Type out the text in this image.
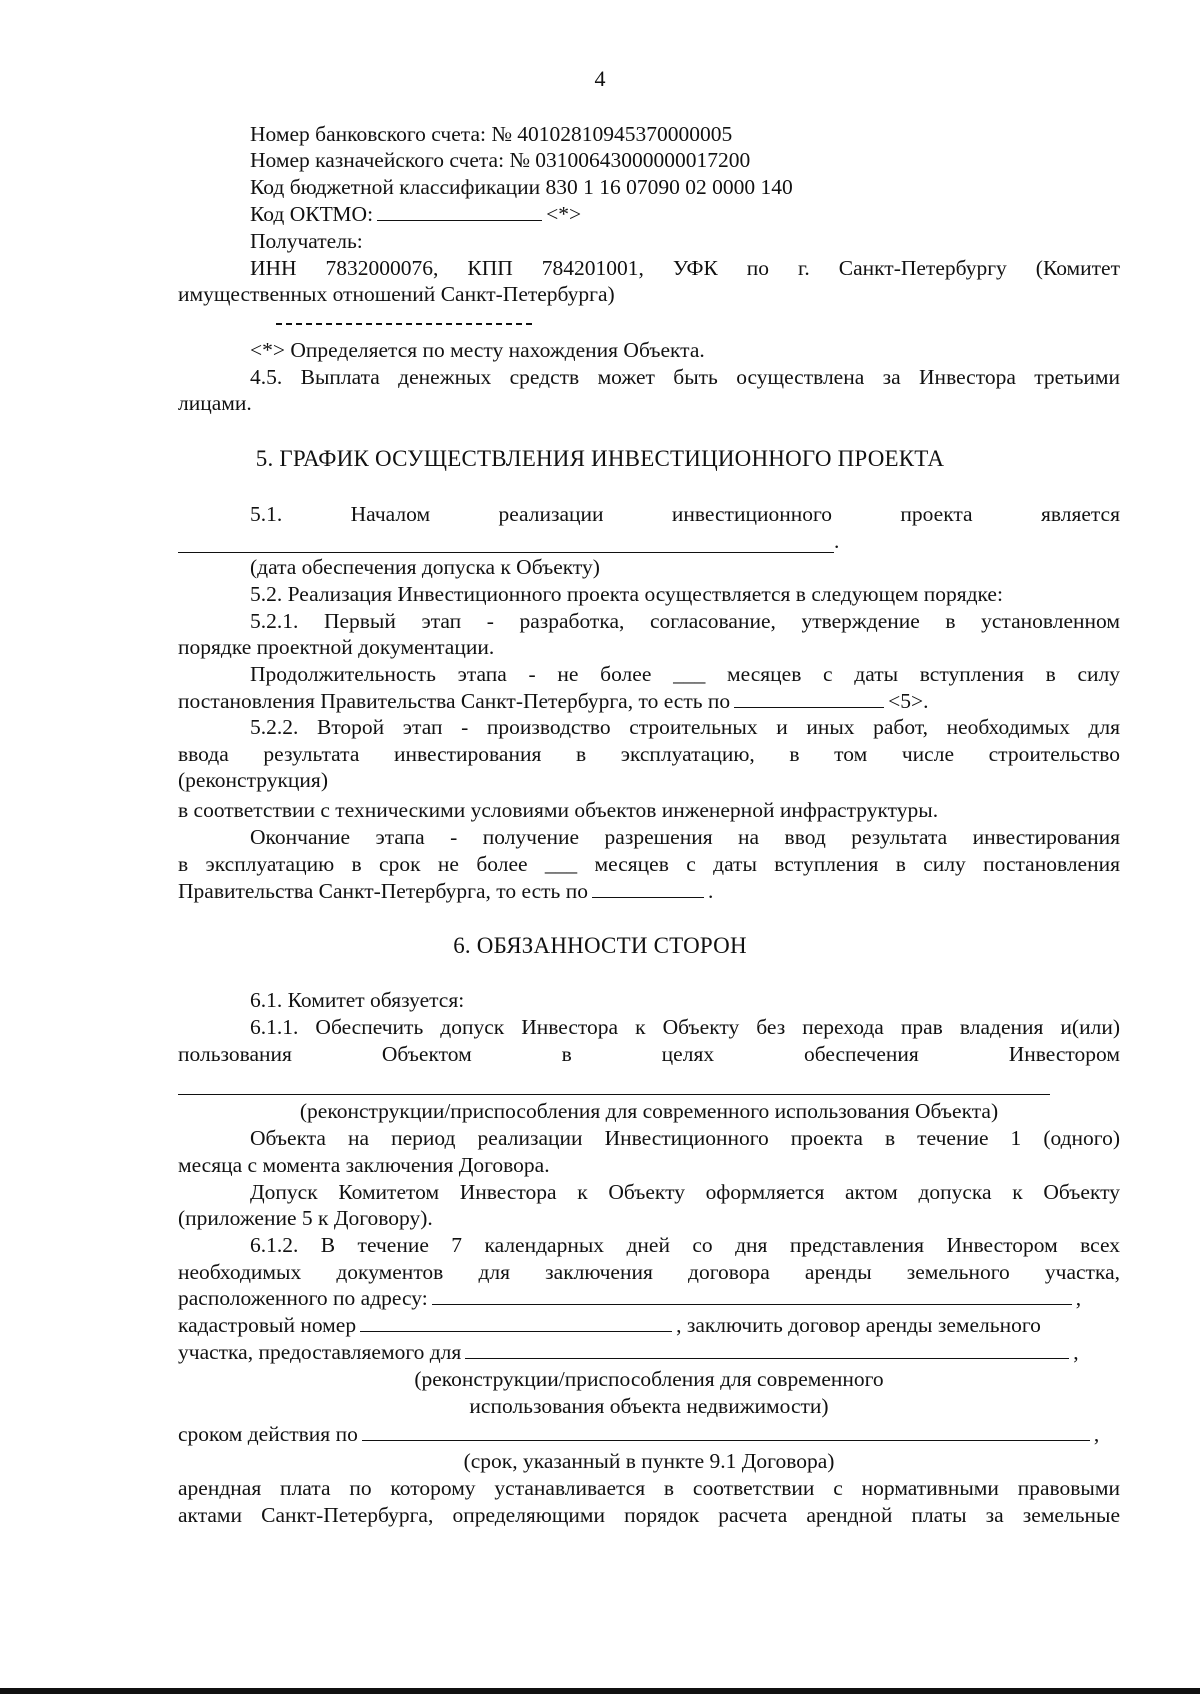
4
Номер банковского счета: № 40102810945370000005
Номер казначейского счета: № 03100643000000017200
Код бюджетной классификации 830 1 16 07090 02 0000 140
Код ОКТМО:	<*>
Получатель:
ИНН 7832000076, КПП 784201001, УФК по г. Санкт-Петербургу (Комитет
имущественных отношений Санкт-Петербурга)
<*> Определяется по месту нахождения Объекта.
4.5. Выплата денежных средств может быть осуществлена за Инвестора третьими
лицами.
5. ГРАФИК ОСУЩЕСТВЛЕНИЯ ИНВЕСТИЦИОННОГО ПРОЕКТА
5.1.	Началом	реализации	инвестиционного	проекта	является
.
(дата обеспечения допуска к Объекту)
5.2. Реализация Инвестиционного проекта осуществляется в следующем порядке:
5.2.1. Первый этап - разработка, согласование, утверждение в установленном
порядке проектной документации.
Продолжительность этапа - не более ___ месяцев с даты вступления в силу
постановления Правительства Санкт-Петербурга, то есть по	<5>.
5.2.2. Второй этап - производство строительных и иных работ, необходимых для
ввода результата инвестирования в эксплуатацию, в том числе строительство
(реконструкция)
в соответствии с техническими условиями объектов инженерной инфраструктуры.
Окончание этапа - получение разрешения на ввод результата инвестирования
в эксплуатацию в срок не более ___ месяцев с даты вступления в силу постановления
Правительства Санкт-Петербурга, то есть по	.
6. ОБЯЗАННОСТИ СТОРОН
6.1. Комитет обязуется:
6.1.1. Обеспечить допуск Инвестора к Объекту без перехода прав владения и(или)
пользования	Объектом	в	целях	обеспечения	Инвестором
(реконструкции/приспособления для современного использования Объекта)
Объекта на период реализации Инвестиционного проекта в течение 1 (одного)
месяца с момента заключения Договора.
Допуск Комитетом Инвестора к Объекту оформляется актом допуска к Объекту
(приложение 5 к Договору).
6.1.2. В течение 7 календарных дней со дня представления Инвестором всех
необходимых документов для заключения договора аренды земельного участка,
расположенного по адресу:	,
кадастровый номер	, заключить договор аренды земельного
участка, предоставляемого для	,
(реконструкции/приспособления для современного
использования объекта недвижимости)
сроком действия по	,
(срок, указанный в пункте 9.1 Договора)
арендная плата по которому устанавливается в соответствии с нормативными правовыми
актами Санкт-Петербурга, определяющими порядок расчета арендной платы за земельные
